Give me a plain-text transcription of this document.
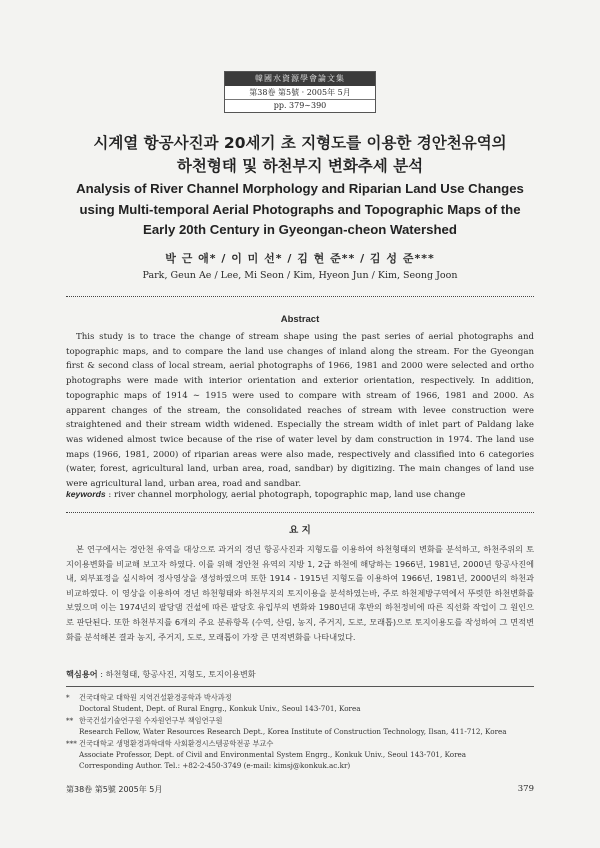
韓國水資源學會論文集
第38卷 第5號 · 2005年 5月
pp. 379∼390
시계열 항공사진과 20세기 초 지형도를 이용한 경안천유역의
하천형태 및 하천부지 변화추세 분석
Analysis of River Channel Morphology and Riparian Land Use Changes
using Multi-temporal Aerial Photographs and Topographic Maps of the
Early 20th Century in Gyeongan-cheon Watershed
박 근 애* / 이 미 선* / 김 현 준** / 김 성 준***
Park, Geun Ae / Lee, Mi Seon / Kim, Hyeon Jun / Kim, Seong Joon
Abstract

This study is to trace the change of stream shape using the past series of aerial photographs and topographic maps, and to compare the land use changes of inland along the stream. For the Gyeongan first & second class of local stream, aerial photographs of 1966, 1981 and 2000 were selected and ortho photographs were made with interior orientation and exterior orientation, respectively. In addition, topographic maps of 1914 ∼ 1915 were used to compare with stream of 1966, 1981 and 2000. As apparent changes of the stream, the consolidated reaches of stream with levee construction were straightened and their stream width widened. Especially the stream width of inlet part of Paldang lake was widened almost twice because of the rise of water level by dam construction in 1974. The land use maps (1966, 1981, 2000) of riparian areas were also made, respectively and classified into 6 categories (water, forest, agricultural land, urban area, road, sandbar) by digitizing. The main changes of land use were agricultural land, urban area, road and sandbar.

keywords : river channel morphology, aerial photograph, topographic map, land use change
요 지

본 연구에서는 경안천 유역을 대상으로 과거의 경년 항공사진과 지형도를 이용하여 하천형태의 변화를 분석하고, 하천주위의 토지이용변화를 비교해 보고자 하였다. 이를 위해 경안천 유역의 지방 1, 2급 하천에 해당하는 1966년, 1981년, 2000년 항공사진에 내, 외부표정을 실시하여 정사영상을 생성하였으며 또한 1914 - 1915년 지형도를 이용하여 1966년, 1981년, 2000년의 하천과 비교하였다. 이 영상을 이용하여 경년 하천형태와 하천부지의 토지이용을 분석하였는바, 주로 하천제방구역에서 뚜렷한 하천변화를 보였으며 이는 1974년의 팔당댐 건설에 따른 팔당호 유입부의 변화와 1980년대 후반의 하천정비에 따른 직선화 작업이 그 원인으로 판단된다. 또한 하천부지를 6개의 주요 분류항목 (수역, 산림, 농지, 주거지, 도로, 모래톱)으로 토지이용도를 작성하여 그 면적변화를 분석해본 결과 농지, 주거지, 도로, 모래톱이 가장 큰 면적변화를 나타내었다.

핵심용어 : 하천형태, 항공사진, 지형도, 토지이용변화
* 건국대학교 대학원 지역건설환경공학과 박사과정
Doctoral Student, Dept. of Rural Engrg., Konkuk Univ., Seoul 143-701, Korea
** 한국건설기술연구원 수자원연구부 책임연구원
Research Fellow, Water Resources Research Dept., Korea Institute of Construction Technology, Ilsan, 411-712, Korea
*** 건국대학교 생명환경과학대학 사회환경시스템공학전공 부교수
Associate Professor, Dept. of Civil and Environmental System Engrg., Konkuk Univ., Seoul 143-701, Korea
Corresponding Author. Tel.: +82-2-450-3749 (e-mail: kimsj@konkuk.ac.kr)
第38卷 第5號 2005年 5月	379
